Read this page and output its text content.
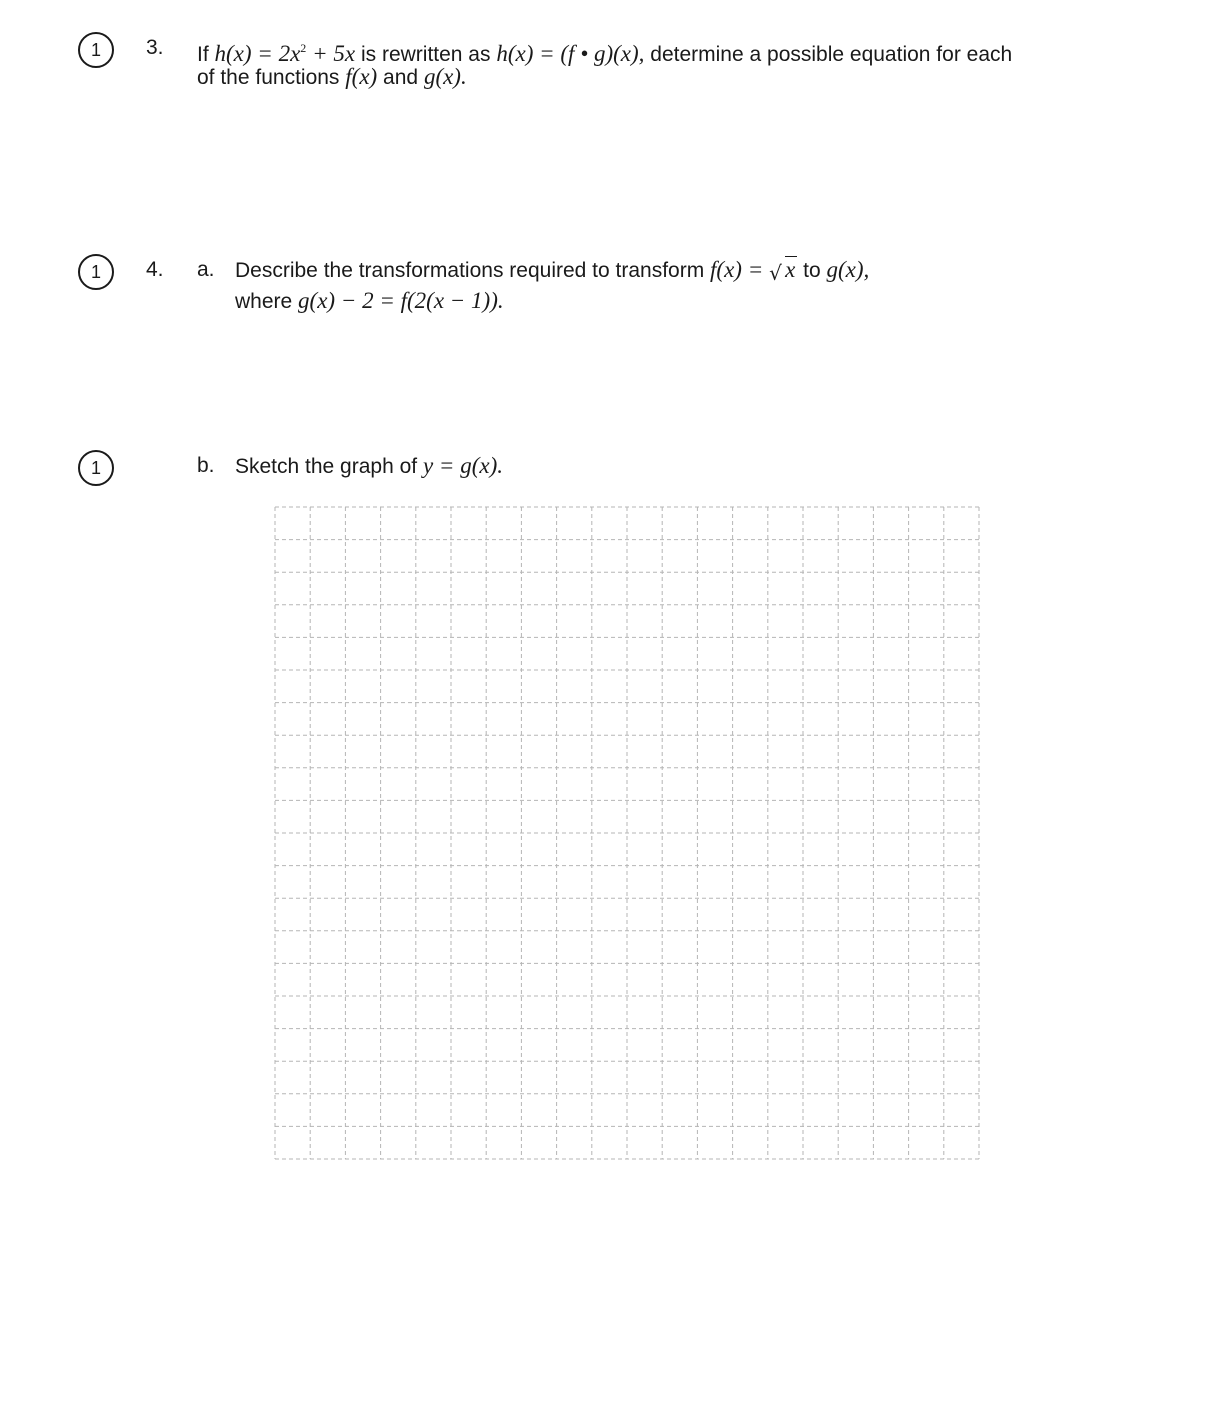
1 3. If $h(x) = 2x^2 + 5x$ is rewritten as h(x) = (f • g)(x), determine a possible equation for each
of the functions f(x) and g(x).
1 4. a. Describe the transformations required to transform f(x) = √ x to g(x),
where g(x) − 2 = f(2(x − 1)).
1	b. Sketch the graph of y = g(x).
